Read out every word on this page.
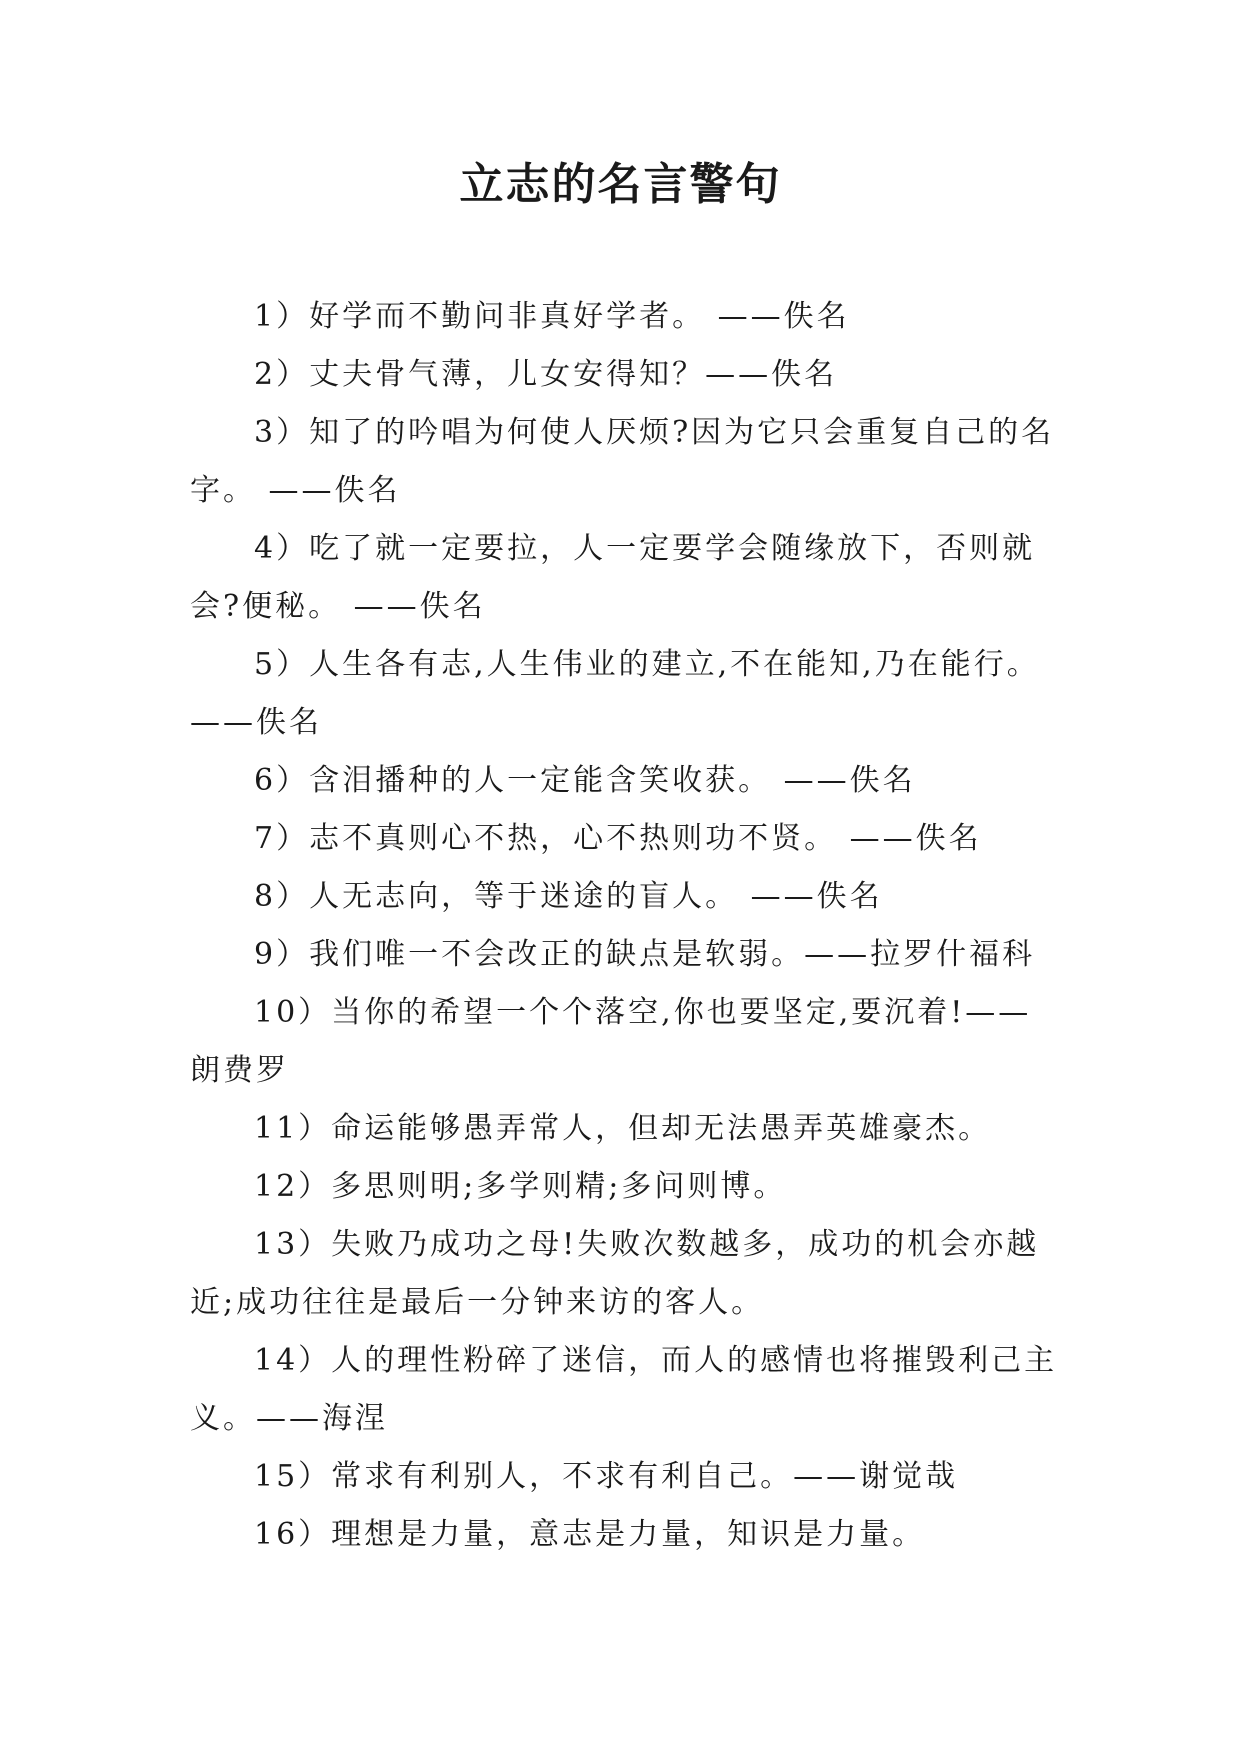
立志的名言警句

1）好学而不勤问非真好学者。 ——佚名

2）丈夫骨气薄，儿女安得知？——佚名

3）知了的吟唱为何使人厌烦?因为它只会重复自己的名字。 ——佚名

4）吃了就一定要拉，人一定要学会随缘放下，否则就会?便秘。 ——佚名

5）人生各有志,人生伟业的建立,不在能知,乃在能行。——佚名

6）含泪播种的人一定能含笑收获。 ——佚名

7）志不真则心不热，心不热则功不贤。 ——佚名

8）人无志向，等于迷途的盲人。 ——佚名

9）我们唯一不会改正的缺点是软弱。——拉罗什福科

10）当你的希望一个个落空,你也要坚定,要沉着!——朗费罗

11）命运能够愚弄常人，但却无法愚弄英雄豪杰。

12）多思则明;多学则精;多问则博。

13）失败乃成功之母!失败次数越多，成功的机会亦越近;成功往往是最后一分钟来访的客人。

14）人的理性粉碎了迷信，而人的感情也将摧毁利己主义。——海涅

15）常求有利别人，不求有利自己。——谢觉哉

16）理想是力量，意志是力量，知识是力量。
